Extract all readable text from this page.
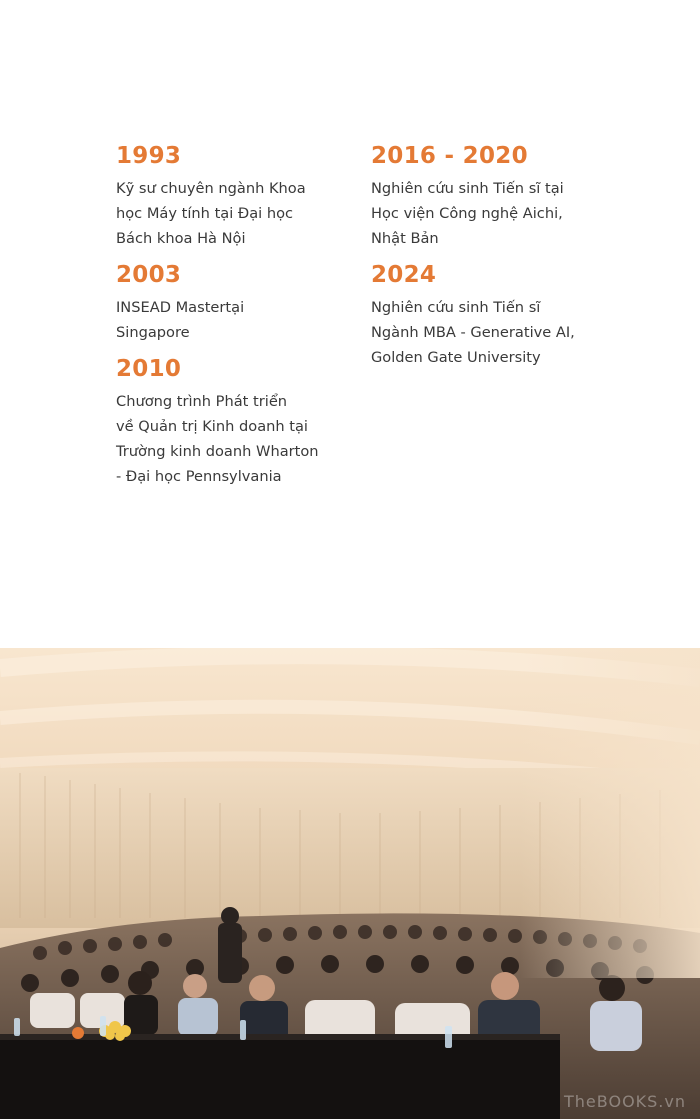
1993
Kỹ sư chuyên ngành Khoa
học Máy tính tại Đại học
Bách khoa Hà Nội
2003
INSEAD Mastertại
Singapore
2010
Chương trình Phát triển
về Quản trị Kinh doanh tại
Trường kinh doanh Wharton
- Đại học Pennsylvania
2016 - 2020
Nghiên cứu sinh Tiến sĩ tại
Học viện Công nghệ Aichi,
Nhật Bản
2024
Nghiên cứu sinh Tiến sĩ
Ngành MBA - Generative AI,
Golden Gate University
TheBOOKS.vn
